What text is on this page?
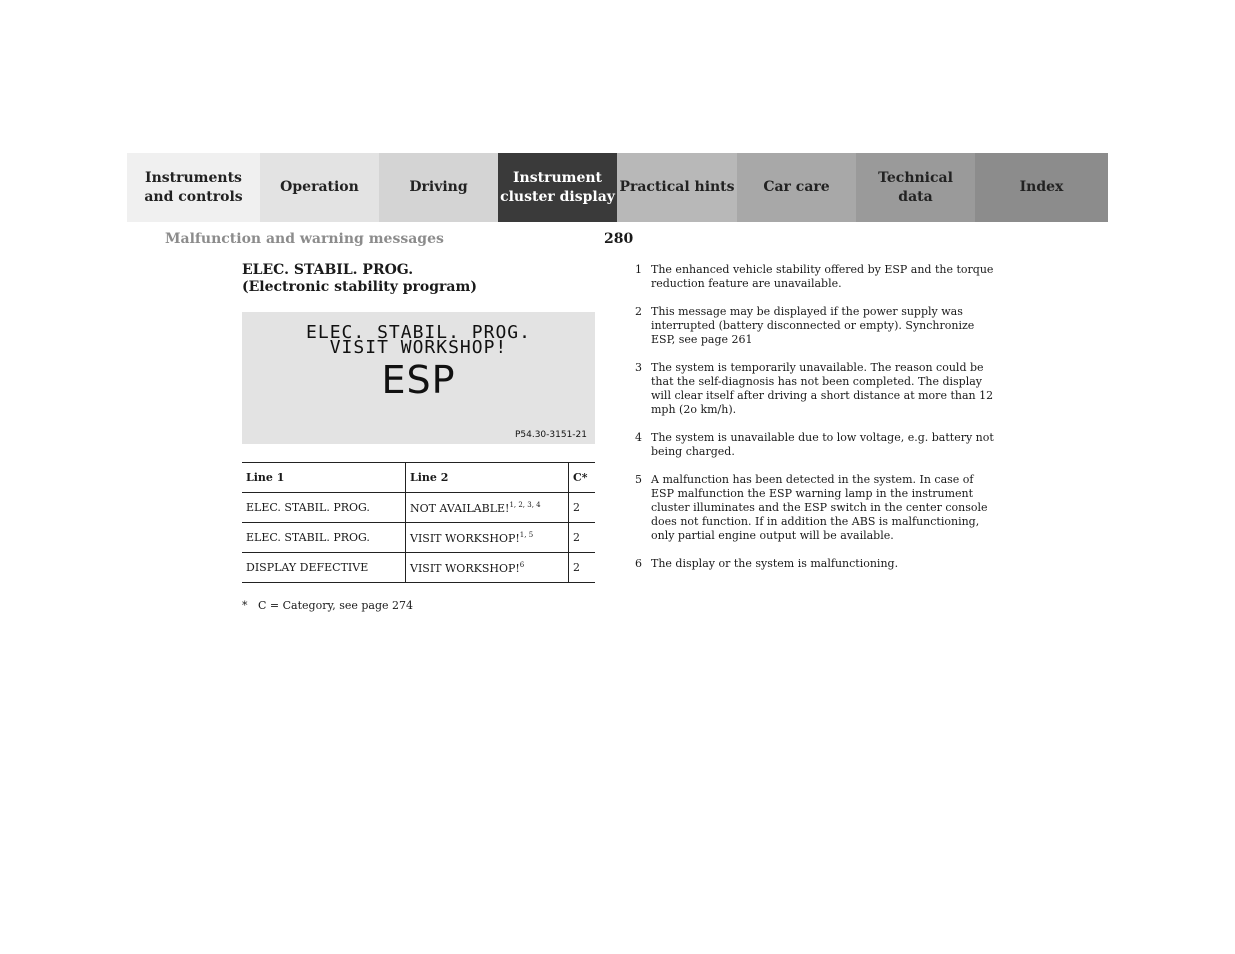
Instruments
and controls
Operation	Driving
Instrument
cluster display
Practical hints	Car care
Technical
data
Index
Malfunction and warning messages	280
ELEC. STABIL. PROG.
(Electronic stability program)
ELEC. STABIL. PROG.
VISIT WORKSHOP!
ESP
P54.30-3151-21
Line 1	Line 2	C*
ELEC. STABIL. PROG.	NOT AVAILABLE!$^{1, 2, 3, 4}$	2
ELEC. STABIL. PROG.	VISIT WORKSHOP!$^{1, 5}$	2
DISPLAY DEFECTIVE	VISIT WORKSHOP!$^6$	2
* C = Category, see page 274
1 The enhanced vehicle stability offered by ESP and the torque reduction feature are unavailable.
2 This message may be displayed if the power supply was interrupted (battery disconnected or empty). Synchronize ESP, see page 261
3 The system is temporarily unavailable. The reason could be that the self-diagnosis has not been completed. The display will clear itself after driving a short distance at more than 12 mph (2o km/h).
4 The system is unavailable due to low voltage, e.g. battery not being charged.
5 A malfunction has been detected in the system. In case of ESP malfunction the ESP warning lamp in the instrument cluster illuminates and the ESP switch in the center console does not function. If in addition the ABS is malfunctioning, only partial engine output will be available.
6 The display or the system is malfunctioning.
